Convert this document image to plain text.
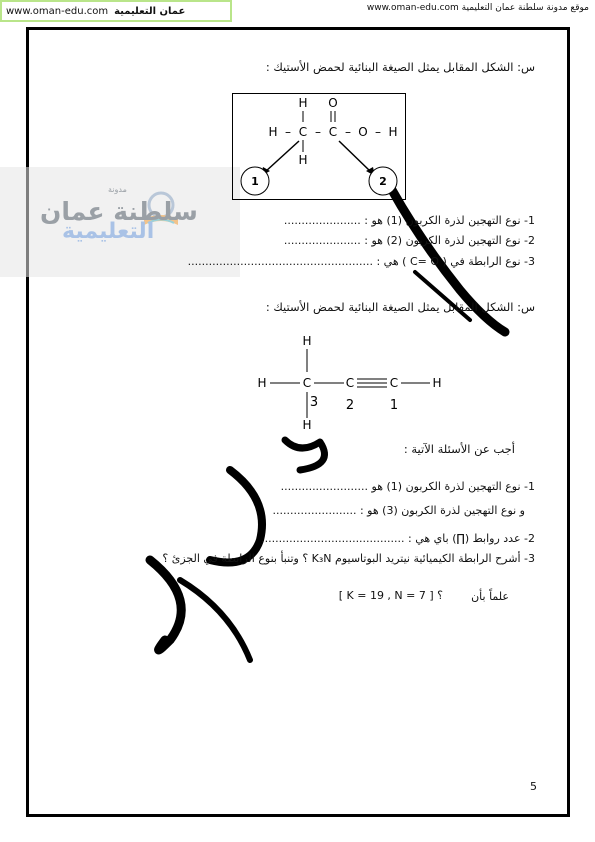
www.oman-edu.com عمان التعليمية	موقع مدونة سلطنة عمان التعليمية www.oman-edu.com
سلطنة عمان
التعليمية
مدونة
س: الشكل المقابل يمثل الصيغة البنائية لحمض الأستيك :
H O
H – C – C – O – H
H
1	2
1- نوع التهجين لذرة الكربون (1) هو : ......................
2- نوع التهجين لذرة الكربون (2) هو : ......................
3- نوع الرابطة في ( C= O ) هي : .....................................................
س: الشكل المقابل يمثل الصيغة البنائية لحمض الأستيك :
H
H	C	C	C	H
H
3 2	1
أجب عن الأسئلة الآتية :
1- نوع التهجين لذرة الكربون (1) هو .........................
و نوع التهجين لذرة الكربون (3) هو : ........................
2- عدد روابط (∏) باي هي : .........................................
3- أشرح الرابطة الكيميائية نيتريد البوتاسيوم K₃N ؟ وتنبأ بنوع الرابطة في الجزئ ؟
علماً بأن
؟ [ K = 19 , N = 7 ]
5
